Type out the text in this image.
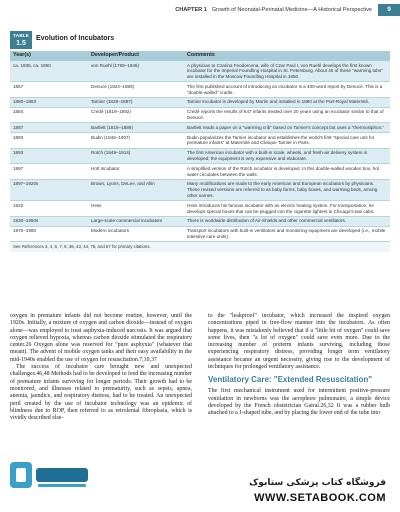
CHAPTER 1 Growth of Neonatal-Perinatal Medicine—A Historical Perspective	9
TABLE
1.5
Evolution of Incubators
Year(s)	Developer/Product	Comments
ca. 1835, ca. 1850	von Ruehl (1769–1846)	A physician to Czarina Feodorovna, wife of Czar Paul I, von Ruehl develops the first known incubator for the Imperial Foundling Hospital in St. Petersburg. About 40 of these "warming tubs" are installed in the Moscow Foundling Hospital in 1850.
1857	Denucé (1824–1889)	The first published account of introducing an incubator is a 400-word report by Denucé. This is a "double-walled" cradle.
1880–1883	Tarnier (1828–1897)	Tarnier incubator is developed by Martin and installed in 1880 at the Port-Royal Maternité.
1884	Credé (1819–1892)	Credé reports the results of 647 infants treated over 20 years using an incubator similar to that of Denucé.
1887	Bartlett (1816–1889)	Bartlett reads a paper on a "warming crib" based on Tarnier's concept but uses a "thermosiphon."
1893	Budin (1846–1907)	Budin popularizes the Tarnier incubator and establishes the world's first "special care unit for premature infants" at Maternité and Clinique Tarnier in Paris.
1893	Rotch (1849–1914)	The first American incubator with a built-in scale, wheels, and fresh-air delivery system is developed; the equipment is very expensive and elaborate.
1897	Hott incubator	A simplified version of the Rotch incubator is developed. In this double-walled wooden box, hot water circulates between the walls.
1897–1920s	Brown, Lyons, DeLee, and Allin	Many modifications are made to the early American and European incubators by physicians. These revised versions are referred to as baby farms, baby boxes, and warming beds, among other names.
1922	Hess	Hess introduces his famous incubator with an electric heating system. For transportation, he develops special boxes that can be plugged into the cigarette lighters in Chicago's taxi cabs.
1930–1950s	Large-scale commercial incubators	There is worldwide distribution of Air-Shields and other commercial ventilators.
1970–1980	Modern incubators	Transport incubators with built-in ventilators and monitoring equipment are developed (i.e., mobile intensive care units).
See References 3, 4, 5, 7, 8, 36, 43, 44, 75, and 57 for primary citations.		

oxygen in premature infants did not become routine, however, until the 1920s. Initially, a mixture of oxygen and carbon dioxide—instead of oxygen alone—was employed to treat asphyxia-induced narcosis. It was argued that oxygen relieved hypoxia, whereas carbon dioxide stimulated the respiratory center.26 Oxygen alone was reserved for "pure asphyxia" (whatever that meant). The advent of mobile oxygen tanks and their easy availability in the mid-1940s enabled the use of oxygen for resuscitation.7,10,37

The success of incubator care brought new and unexpected challenges.46,48 Methods had to be developed to feed the increasing number of premature infants surviving for longer periods. Their growth had to be monitored, and illnesses related to prematurity, such as sepsis, apnea, anemia, jaundice, and respiratory distress, had to be treated. An unexpected peril created by the use of incubator technology was an epidemic of blindness due to ROP, then referred to as retrolental fibroplasia, which is vividly described else-

to the "leakproof" incubator, which increased the inspired oxygen concentrations piped in free-flow manner into the incubators. As often happens, it was mistakenly believed that if a "little bit of oxygen" could save some lives, then "a lot of oxygen" could save even more. Due to the increasing number of preterm infants surviving, including those experiencing respiratory distress, providing longer term ventilatory assistance became an urgent necessity, giving rise to the development of techniques for prolonged ventilatory assistance.

Ventilatory Care: "Extended Resuscitation"

The first mechanical instrument used for intermittent positive-pressure ventilation in newborns was the aerophore pulmonaire, a simple device developed by the French obstetrician Gairal.26,32 It was a rubber bulb attached to a J-shaped tube, and by placing the lower end of the tube into

فروشگاه کتاب پزشکی ستابوک
WWW.SETABOOK.COM
